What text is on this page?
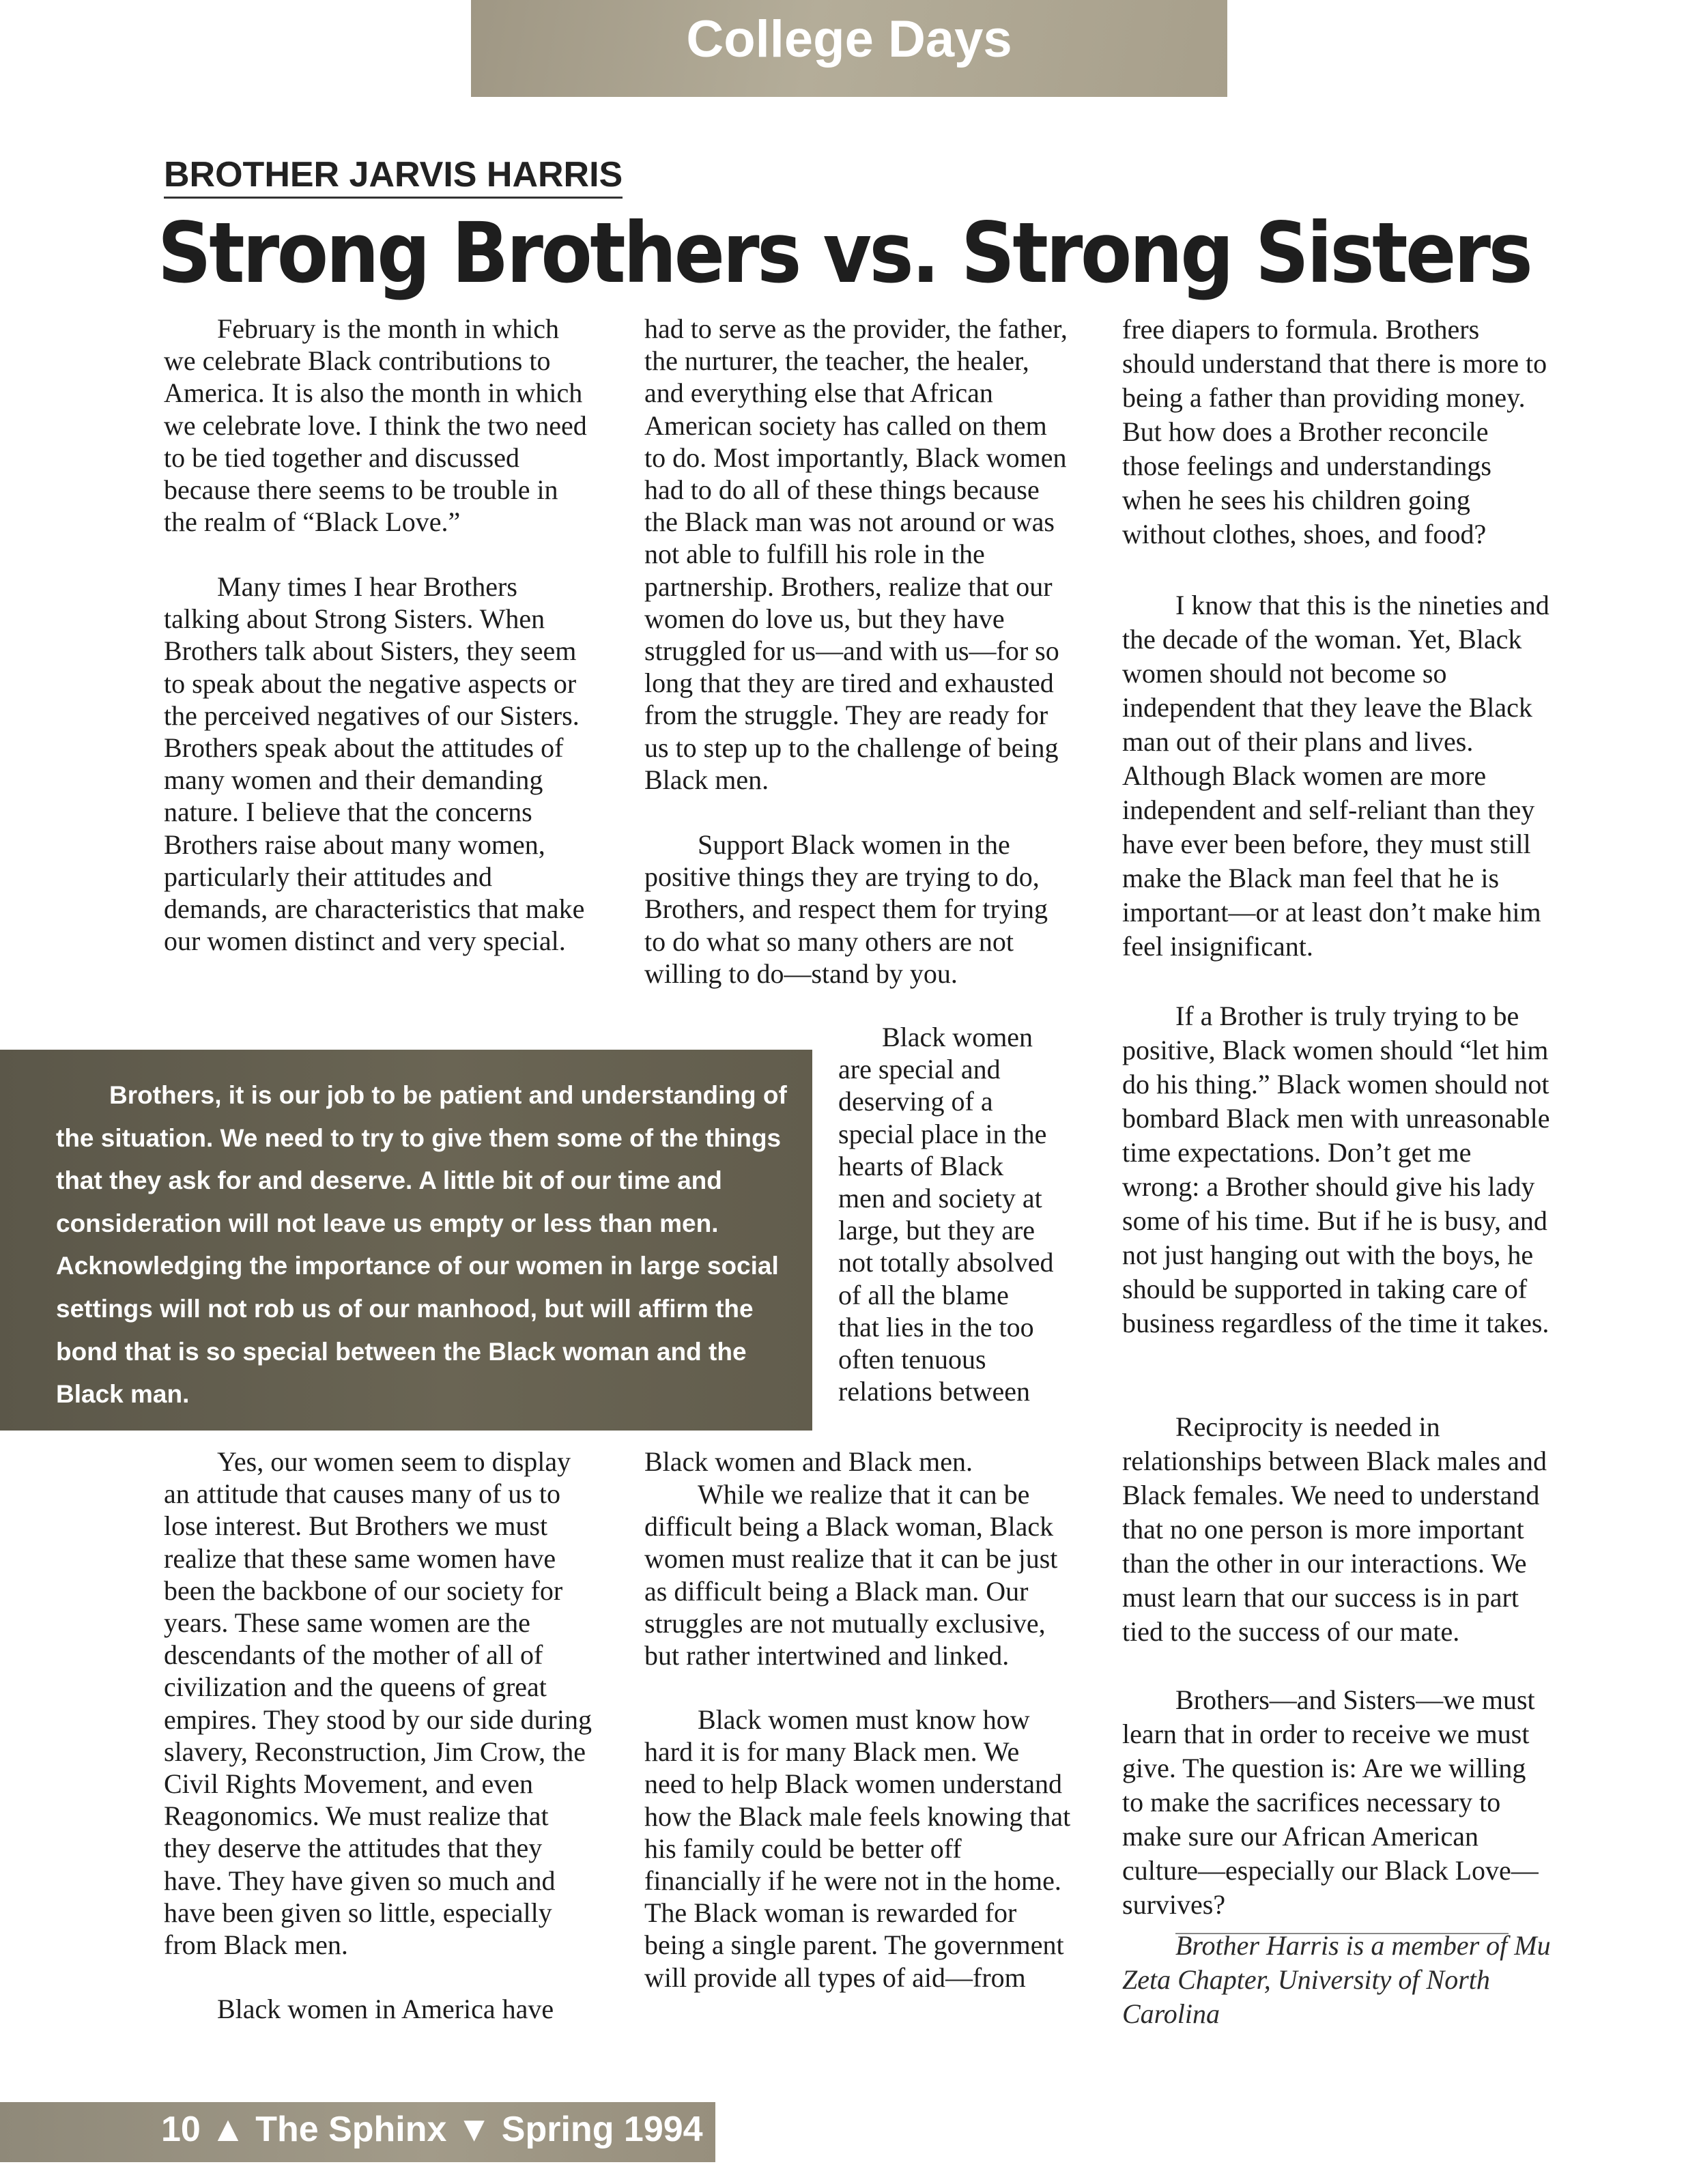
College Days
BROTHER JARVIS HARRIS
Strong Brothers vs. Strong Sisters

February is the month in which we celebrate Black contributions to America. It is also the month in which we celebrate love. I think the two need to be tied together and discussed because there seems to be trouble in the realm of “Black Love.”

Many times I hear Brothers talking about Strong Sisters. When Brothers talk about Sisters, they seem to speak about the negative aspects or the perceived negatives of our Sisters. Brothers speak about the attitudes of many women and their demanding nature. I believe that the concerns Brothers raise about many women, particularly their attitudes and demands, are characteristics that make our women distinct and very special.

Yes, our women seem to display an attitude that causes many of us to lose interest. But Brothers we must realize that these same women have been the backbone of our society for years. These same women are the descendants of the mother of all of civilization and the queens of great empires. They stood by our side during slavery, Reconstruction, Jim Crow, the Civil Rights Movement, and even Reagonomics. We must realize that they deserve the attitudes that they have. They have given so much and have been given so little, especially from Black men.

Black women in America have

had to serve as the provider, the father, the nurturer, the teacher, the healer, and everything else that African American society has called on them to do. Most importantly, Black women had to do all of these things because the Black man was not around or was not able to fulfill his role in the partnership. Brothers, realize that our women do love us, but they have struggled for us—and with us—for so long that they are tired and exhausted from the struggle. They are ready for us to step up to the challenge of being Black men.

Support Black women in the positive things they are trying to do, Brothers, and respect them for trying to do what so many others are not willing to do—stand by you.

Black women are special and deserving of a special place in the hearts of Black men and society at large, but they are not totally absolved of all the blame that lies in the too often tenuous relations between

Black women and Black men.

While we realize that it can be difficult being a Black woman, Black women must realize that it can be just as difficult being a Black man. Our struggles are not mutually exclusive, but rather intertwined and linked.

Black women must know how hard it is for many Black men. We need to help Black women understand how the Black male feels knowing that his family could be better off financially if he were not in the home. The Black woman is rewarded for being a single parent. The government will provide all types of aid—from

free diapers to formula. Brothers should understand that there is more to being a father than providing money. But how does a Brother reconcile those feelings and understandings when he sees his children going without clothes, shoes, and food?

I know that this is the nineties and the decade of the woman. Yet, Black women should not become so independent that they leave the Black man out of their plans and lives. Although Black women are more independent and self-reliant than they have ever been before, they must still make the Black man feel that he is important—or at least don’t make him feel insignificant.

If a Brother is truly trying to be positive, Black women should “let him do his thing.” Black women should not bombard Black men with unreasonable time expectations. Don’t get me wrong: a Brother should give his lady some of his time. But if he is busy, and not just hanging out with the boys, he should be supported in taking care of business regardless of the time it takes.

Reciprocity is needed in relationships between Black males and Black females. We need to understand that no one person is more important than the other in our interactions. We must learn that our success is in part tied to the success of our mate.

Brothers—and Sisters—we must learn that in order to receive we must give. The question is: Are we willing to make the sacrifices necessary to make sure our African American culture—especially our Black Love—survives?

Brother Harris is a member of Mu Zeta Chapter, University of North Carolina

Brothers, it is our job to be patient and understanding of the situation. We need to try to give them some of the things that they ask for and deserve. A little bit of our time and consideration will not leave us empty or less than men. Acknowledging the importance of our women in large social settings will not rob us of our manhood, but will affirm the bond that is so special between the Black woman and the Black man.

10 ▲ The Sphinx ▼ Spring 1994
